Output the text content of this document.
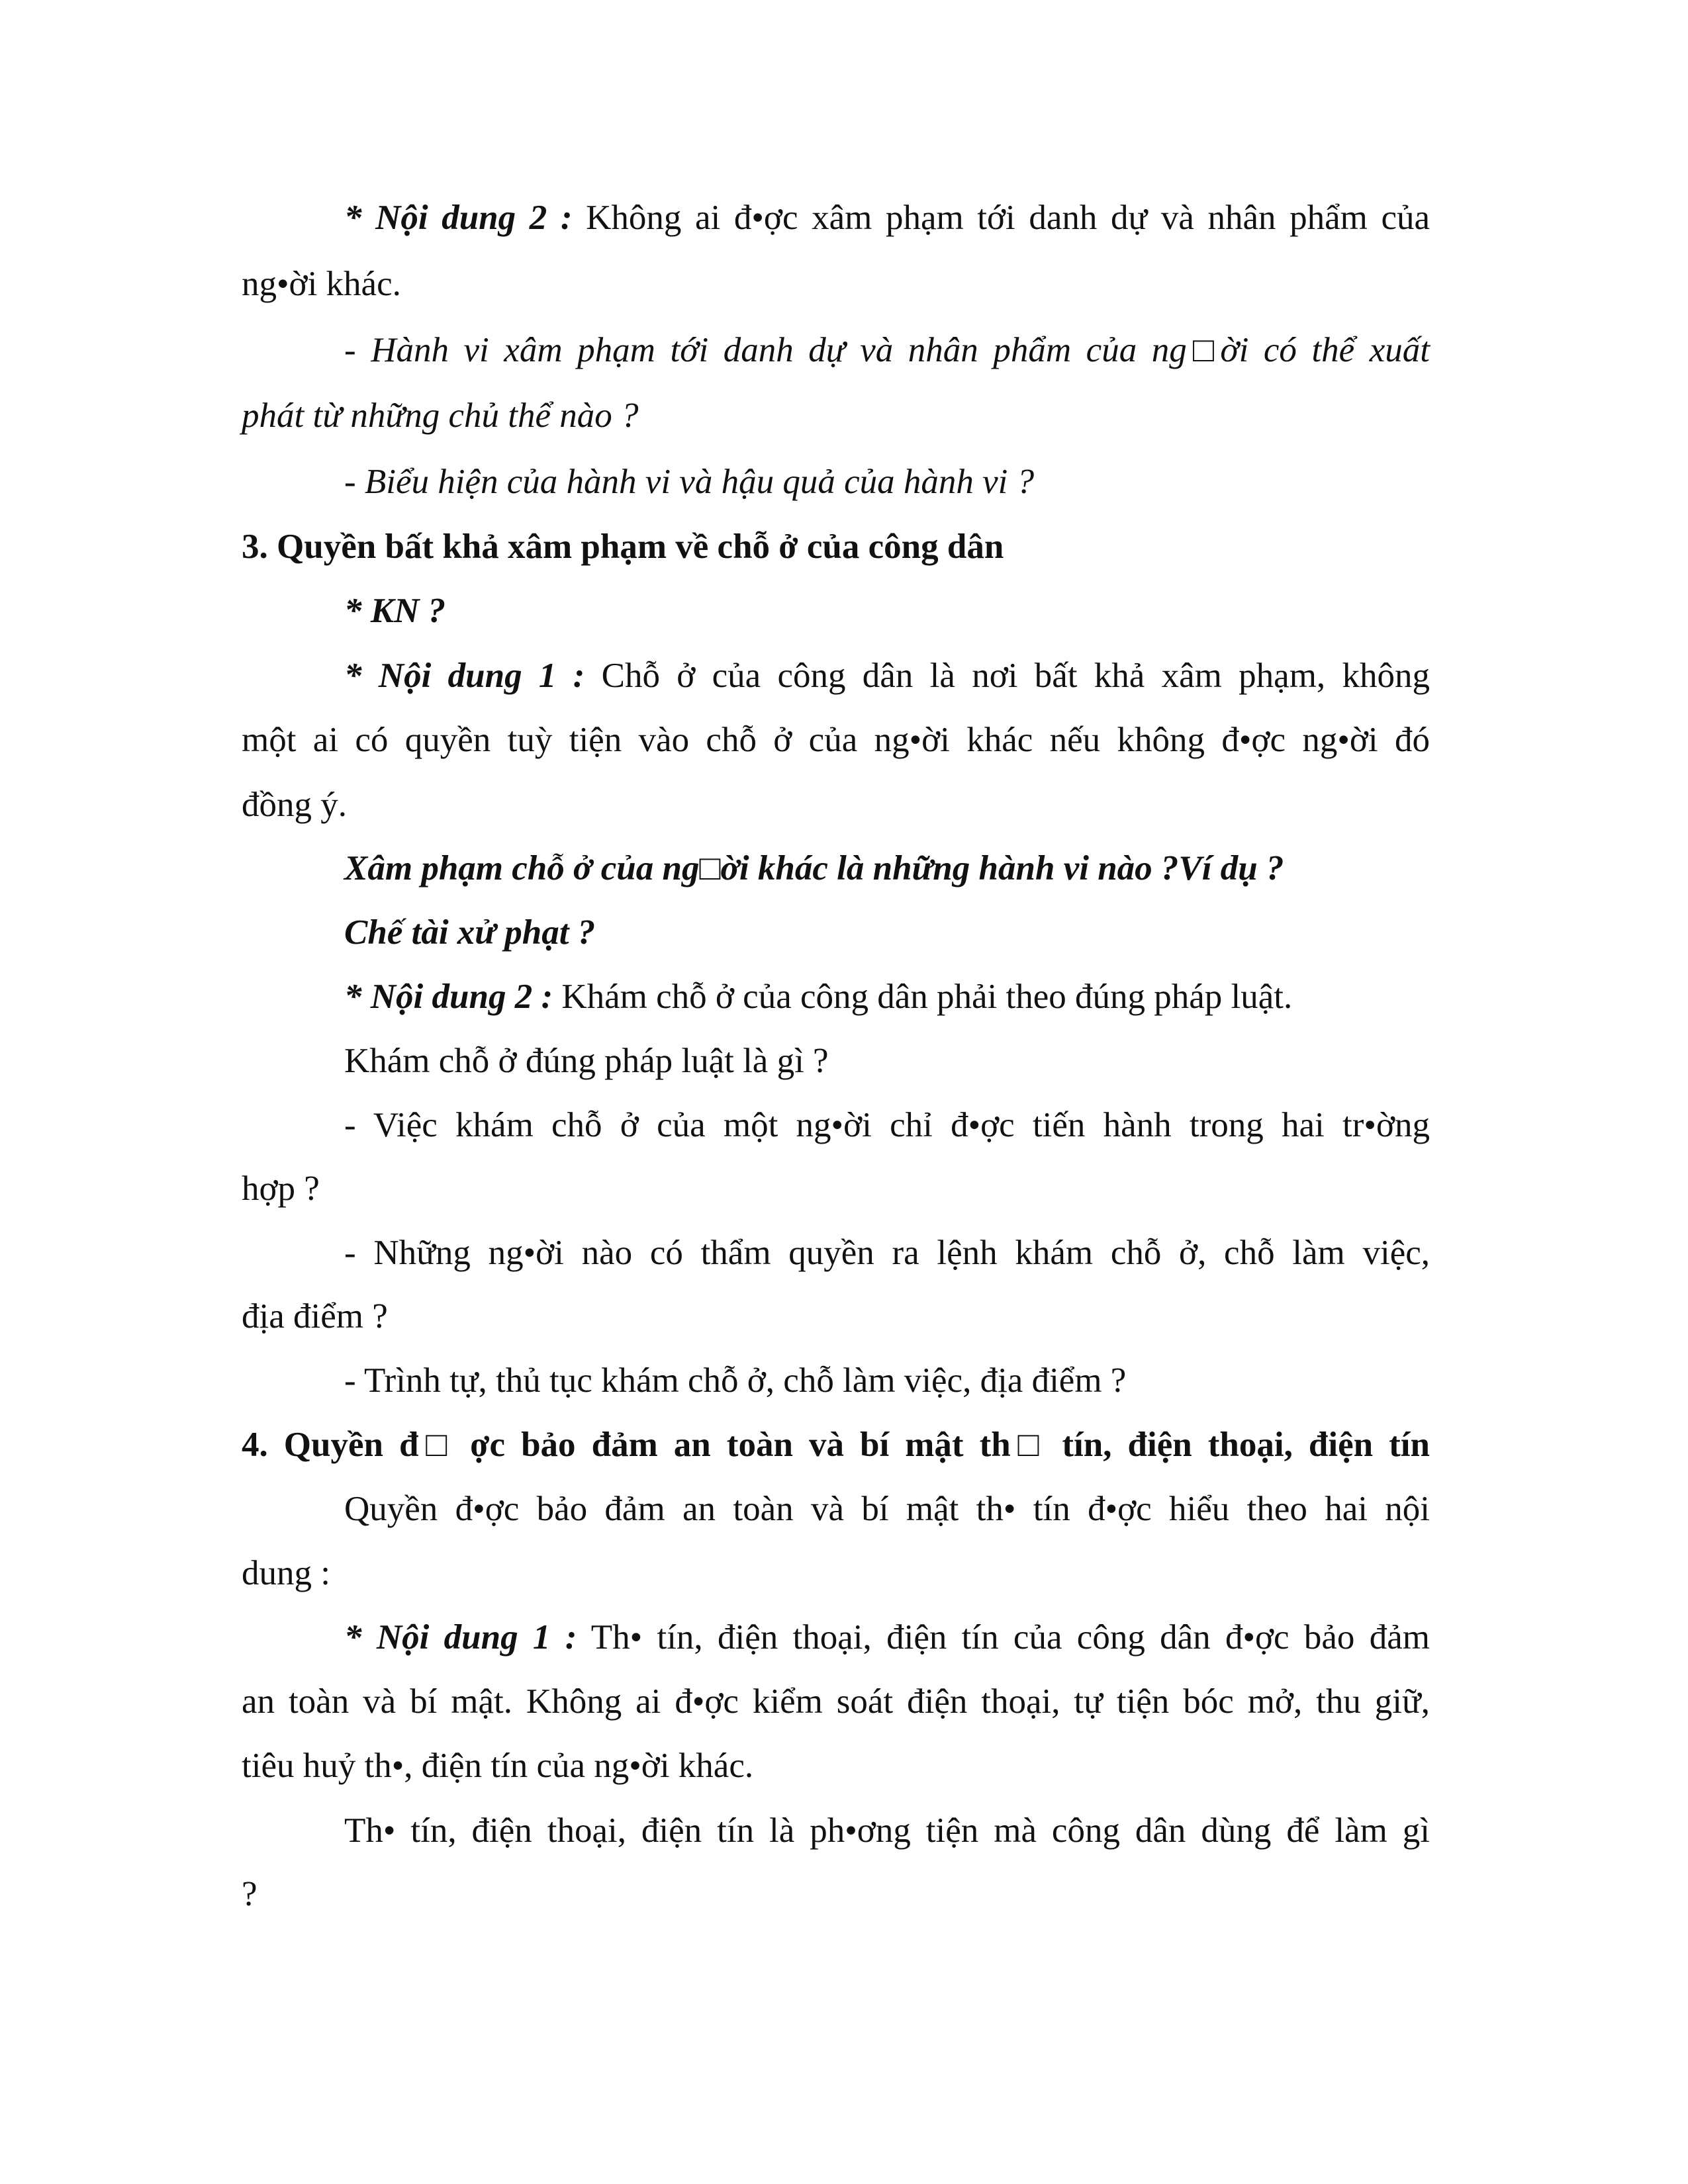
* Nội dung 2 : Không ai đ•ợc xâm phạm tới danh dự và nhân phẩm của
ng•ời khác.
- Hành vi xâm phạm tới danh dự và nhân phẩm của ng□ời có thể xuất
phát từ những chủ thể nào ?
- Biểu hiện của hành vi và hậu quả của hành vi ?
3. Quyền bất khả xâm phạm về chỗ ở của công dân
* KN ?
* Nội dung 1 : Chỗ ở của công dân là nơi bất khả xâm phạm, không
một ai có quyền tuỳ tiện vào chỗ ở của ng•ời khác nếu không đ•ợc ng•ời đó
đồng ý.
Xâm phạm chỗ ở của ng□ời khác là những hành vi nào ?Ví dụ ?
Chế tài xử phạt ?
* Nội dung 2 : Khám chỗ ở của công dân phải theo đúng pháp luật.
Khám chỗ ở đúng pháp luật là gì ?
- Việc khám chỗ ở của một ng•ời chỉ đ•ợc tiến hành trong hai tr•ờng
hợp ?
- Những ng•ời nào có thẩm quyền ra lệnh khám chỗ ở, chỗ làm việc,
địa điểm ?
- Trình tự, thủ tục khám chỗ ở, chỗ làm việc, địa điểm ?
4. Quyền đ□ ợc bảo đảm an toàn và bí mật th□ tín, điện thoại, điện tín
Quyền đ•ợc bảo đảm an toàn và bí mật th• tín đ•ợc hiểu theo hai nội
dung :
* Nội dung 1 : Th• tín, điện thoại, điện tín của công dân đ•ợc bảo đảm
an toàn và bí mật. Không ai đ•ợc kiểm soát điện thoại, tự tiện bóc mở, thu giữ,
tiêu huỷ th•, điện tín của ng•ời khác.
Th• tín, điện thoại, điện tín là ph•ơng tiện mà công dân dùng để làm gì
?
